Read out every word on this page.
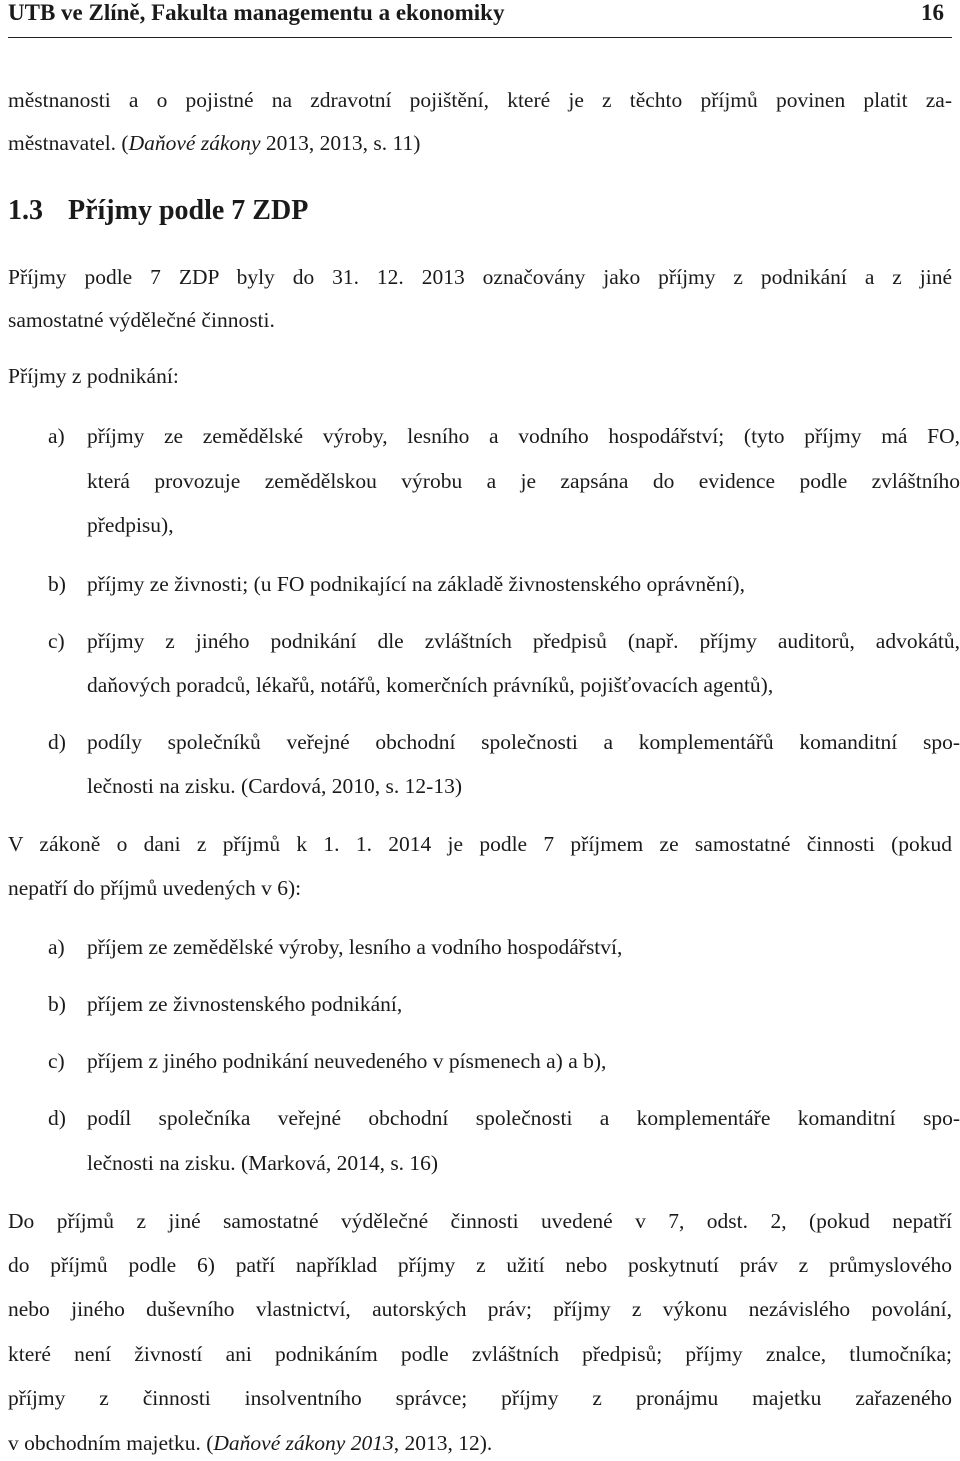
UTB ve Zlíně, Fakulta managementu a ekonomiky	16
městnanosti a o pojistné na zdravotní pojištění, které je z těchto příjmů povinen platit za-
městnavatel. (Daňové zákony 2013, 2013, s. 11)
1.3 Příjmy podle 7 ZDP
Příjmy podle 7 ZDP byly do 31. 12. 2013 označovány jako příjmy z podnikání a z jiné
samostatné výdělečné činnosti.
Příjmy z podnikání:
a) příjmy ze zemědělské výroby, lesního a vodního hospodářství; (tyto příjmy má FO,
která provozuje zemědělskou výrobu a je zapsána do evidence podle zvláštního
předpisu),
b) příjmy ze živnosti; (u FO podnikající na základě živnostenského oprávnění),
c) příjmy z jiného podnikání dle zvláštních předpisů (např. příjmy auditorů, advokátů,
daňových poradců, lékařů, notářů, komerčních právníků, pojišťovacích agentů),
d) podíly společníků veřejné obchodní společnosti a komplementářů komanditní spo-
lečnosti na zisku. (Cardová, 2010, s. 12-13)
V zákoně o dani z příjmů k 1. 1. 2014 je podle 7 příjmem ze samostatné činnosti (pokud
nepatří do příjmů uvedených v 6):
a) příjem ze zemědělské výroby, lesního a vodního hospodářství,
b) příjem ze živnostenského podnikání,
c) příjem z jiného podnikání neuvedeného v písmenech a) a b),
d) podíl společníka veřejné obchodní společnosti a komplementáře komanditní spo-
lečnosti na zisku. (Marková, 2014, s. 16)
Do příjmů z jiné samostatné výdělečné činnosti uvedené v 7, odst. 2, (pokud nepatří
do příjmů podle 6) patří například příjmy z užití nebo poskytnutí práv z průmyslového
nebo jiného duševního vlastnictví, autorských práv; příjmy z výkonu nezávislého povolání,
které není živností ani podnikáním podle zvláštních předpisů; příjmy znalce, tlumočníka;
příjmy z činnosti insolventního správce; příjmy z pronájmu majetku zařazeného
v obchodním majetku. (Daňové zákony 2013, 2013, 12).
